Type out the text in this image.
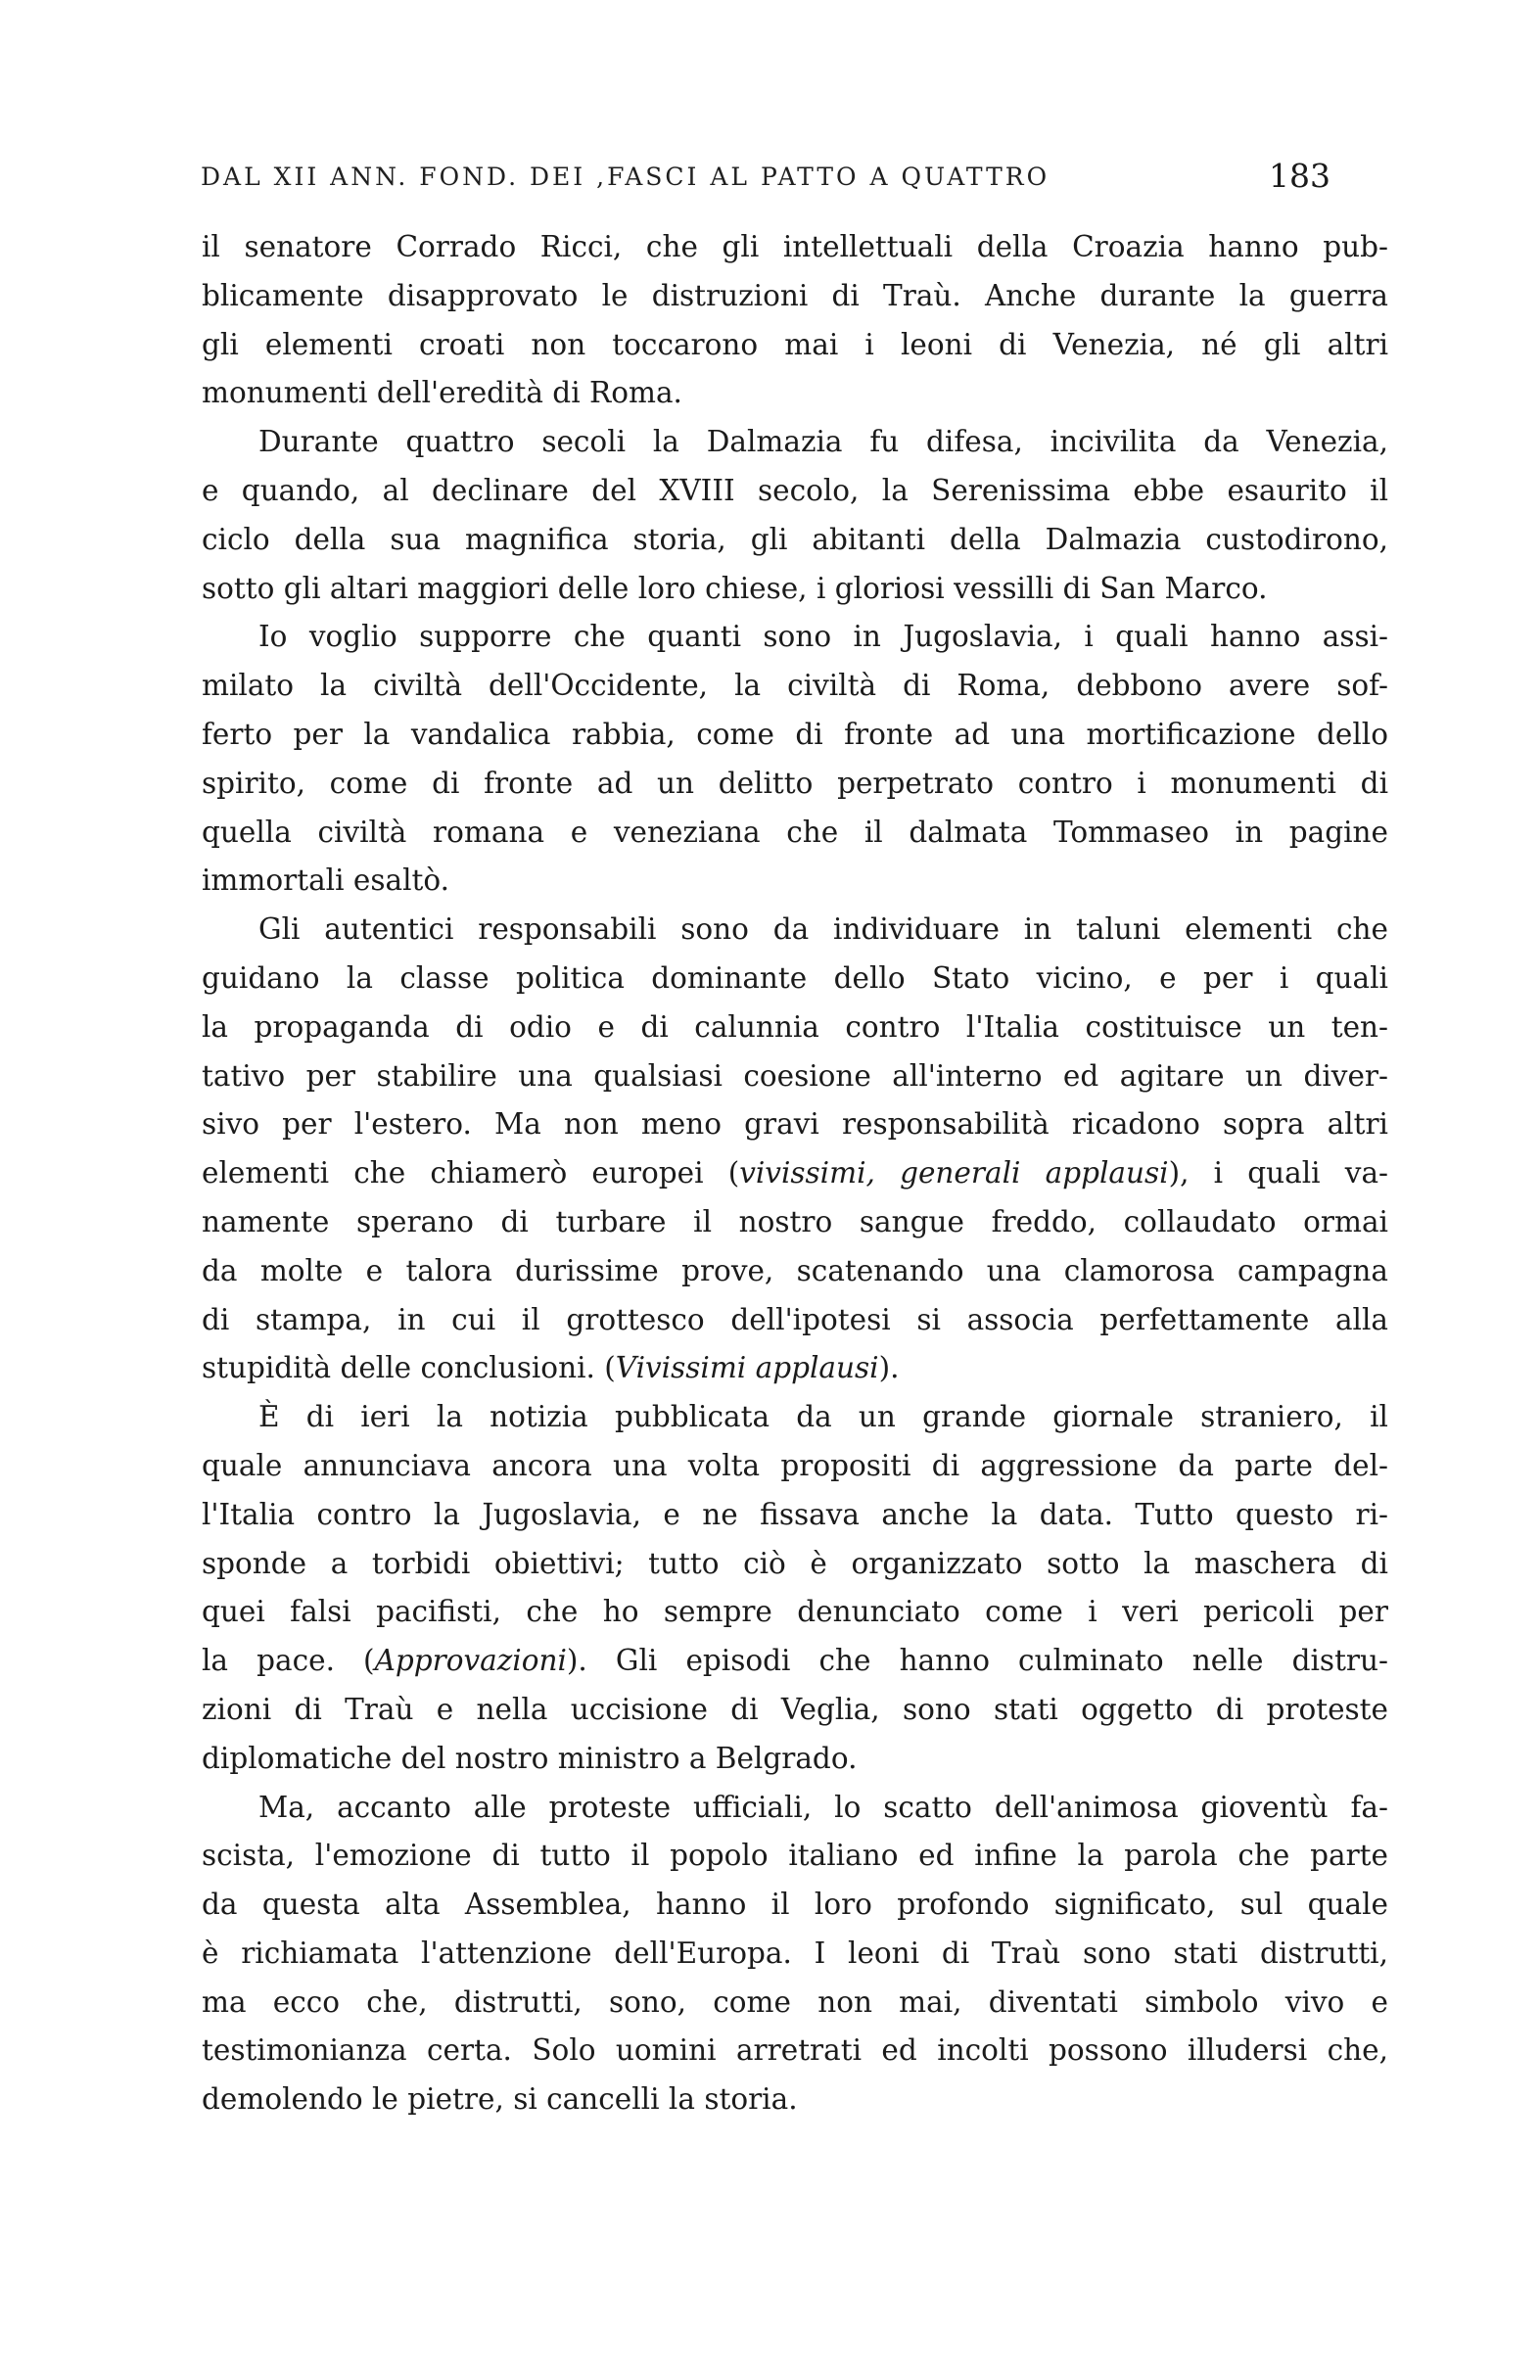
DAL XII ANN. FOND. DEI ,FASCI AL PATTO A QUATTRO	183
il senatore Corrado Ricci, che gli intellettuali della Croazia hanno pub-
blicamente disapprovato le distruzioni di Traù. Anche durante la guerra
gli elementi croati non toccarono mai i leoni di Venezia, né gli altri
monumenti dell'eredità di Roma.
Durante quattro secoli la Dalmazia fu difesa, incivilita da Venezia,
e quando, al declinare del XVIII secolo, la Serenissima ebbe esaurito il
ciclo della sua magnifica storia, gli abitanti della Dalmazia custodirono,
sotto gli altari maggiori delle loro chiese, i gloriosi vessilli di San Marco.
Io voglio supporre che quanti sono in Jugoslavia, i quali hanno assi-
milato la civiltà dell'Occidente, la civiltà di Roma, debbono avere sof-
ferto per la vandalica rabbia, come di fronte ad una mortificazione dello
spirito, come di fronte ad un delitto perpetrato contro i monumenti di
quella civiltà romana e veneziana che il dalmata Tommaseo in pagine
immortali esaltò.
Gli autentici responsabili sono da individuare in taluni elementi che
guidano la classe politica dominante dello Stato vicino, e per i quali
la propaganda di odio e di calunnia contro l'Italia costituisce un ten-
tativo per stabilire una qualsiasi coesione all'interno ed agitare un diver-
sivo per l'estero. Ma non meno gravi responsabilità ricadono sopra altri
elementi che chiamerò europei (vivissimi, generali applausi), i quali va-
namente sperano di turbare il nostro sangue freddo, collaudato ormai
da molte e talora durissime prove, scatenando una clamorosa campagna
di stampa, in cui il grottesco dell'ipotesi si associa perfettamente alla
stupidità delle conclusioni. (Vivissimi applausi).
È di ieri la notizia pubblicata da un grande giornale straniero, il
quale annunciava ancora una volta propositi di aggressione da parte del-
l'Italia contro la Jugoslavia, e ne fissava anche la data. Tutto questo ri-
sponde a torbidi obiettivi; tutto ciò è organizzato sotto la maschera di
quei falsi pacifisti, che ho sempre denunciato come i veri pericoli per
la pace. (Approvazioni). Gli episodi che hanno culminato nelle distru-
zioni di Traù e nella uccisione di Veglia, sono stati oggetto di proteste
diplomatiche del nostro ministro a Belgrado.
Ma, accanto alle proteste ufficiali, lo scatto dell'animosa gioventù fa-
scista, l'emozione di tutto il popolo italiano ed infine la parola che parte
da questa alta Assemblea, hanno il loro profondo significato, sul quale
è richiamata l'attenzione dell'Europa. I leoni di Traù sono stati distrutti,
ma ecco che, distrutti, sono, come non mai, diventati simbolo vivo e
testimonianza certa. Solo uomini arretrati ed incolti possono illudersi che,
demolendo le pietre, si cancelli la storia.
